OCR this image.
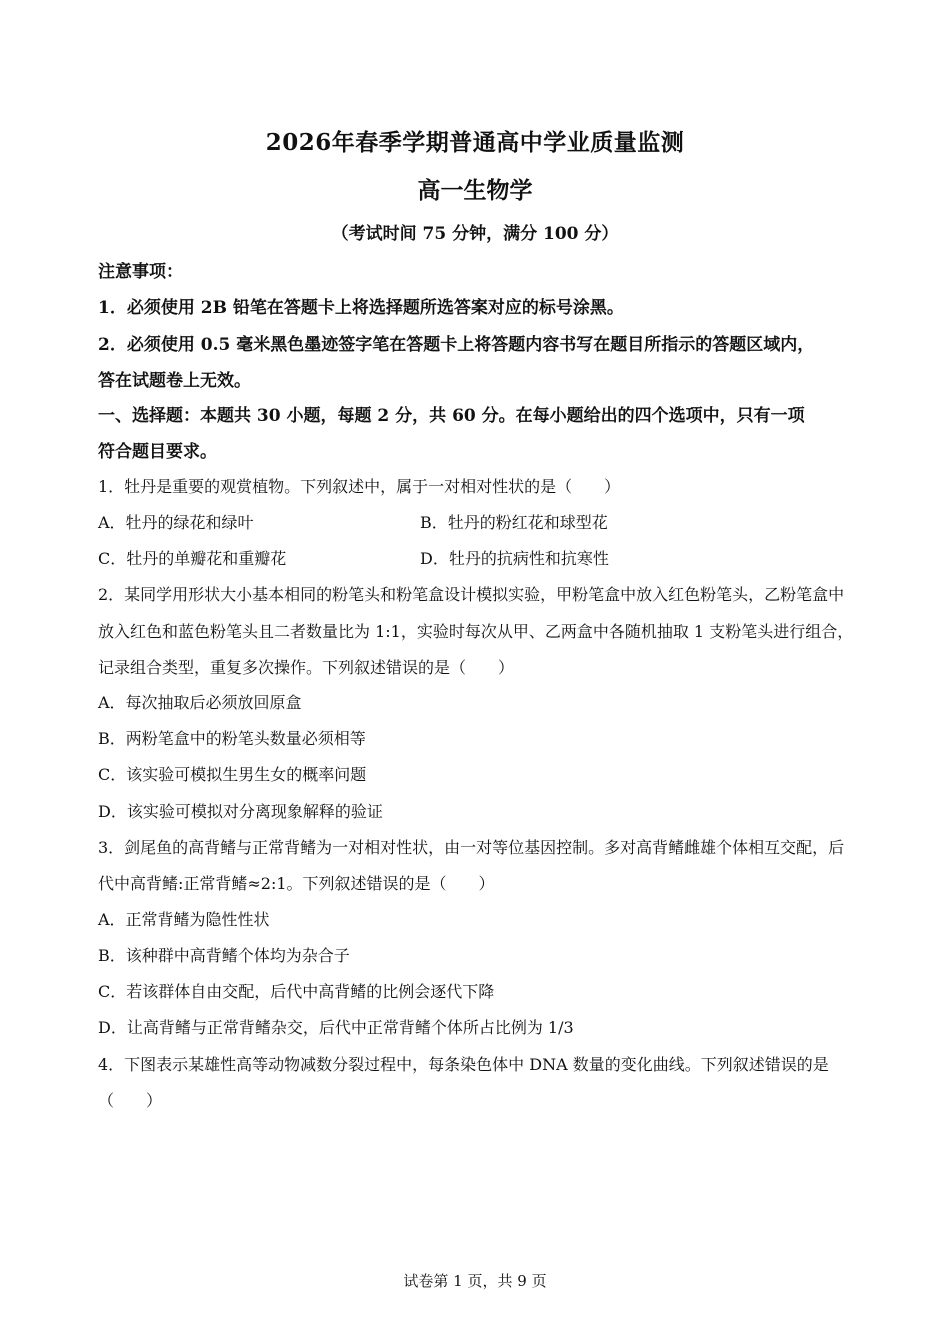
2026年春季学期普通高中学业质量监测
高一生物学
（考试时间 75 分钟，满分 100 分）
注意事项：
1．必须使用 2B 铅笔在答题卡上将选择题所选答案对应的标号涂黑。
2．必须使用 0.5 毫米黑色墨迹签字笔在答题卡上将答题内容书写在题目所指示的答题区域内，
答在试题卷上无效。
一、选择题：本题共 30 小题，每题 2 分，共 60 分。在每小题给出的四个选项中，只有一项
符合题目要求。
1．牡丹是重要的观赏植物。下列叙述中，属于一对相对性状的是（　　）
A．牡丹的绿花和绿叶	B．牡丹的粉红花和球型花
C．牡丹的单瓣花和重瓣花	D．牡丹的抗病性和抗寒性
2．某同学用形状大小基本相同的粉笔头和粉笔盒设计模拟实验，甲粉笔盒中放入红色粉笔头，乙粉笔盒中
放入红色和蓝色粉笔头且二者数量比为 1:1，实验时每次从甲、乙两盒中各随机抽取 1 支粉笔头进行组合，
记录组合类型，重复多次操作。下列叙述错误的是（　　）
A．每次抽取后必须放回原盒
B．两粉笔盒中的粉笔头数量必须相等
C．该实验可模拟生男生女的概率问题
D．该实验可模拟对分离现象解释的验证
3．剑尾鱼的高背鳍与正常背鳍为一对相对性状，由一对等位基因控制。多对高背鳍雌雄个体相互交配，后
代中高背鳍:正常背鳍≈2:1。下列叙述错误的是（　　）
A．正常背鳍为隐性性状
B．该种群中高背鳍个体均为杂合子
C．若该群体自由交配，后代中高背鳍的比例会逐代下降
D．让高背鳍与正常背鳍杂交，后代中正常背鳍个体所占比例为 1/3
4．下图表示某雄性高等动物减数分裂过程中，每条染色体中 DNA 数量的变化曲线。下列叙述错误的是
（　　）
试卷第 1 页，共 9 页
